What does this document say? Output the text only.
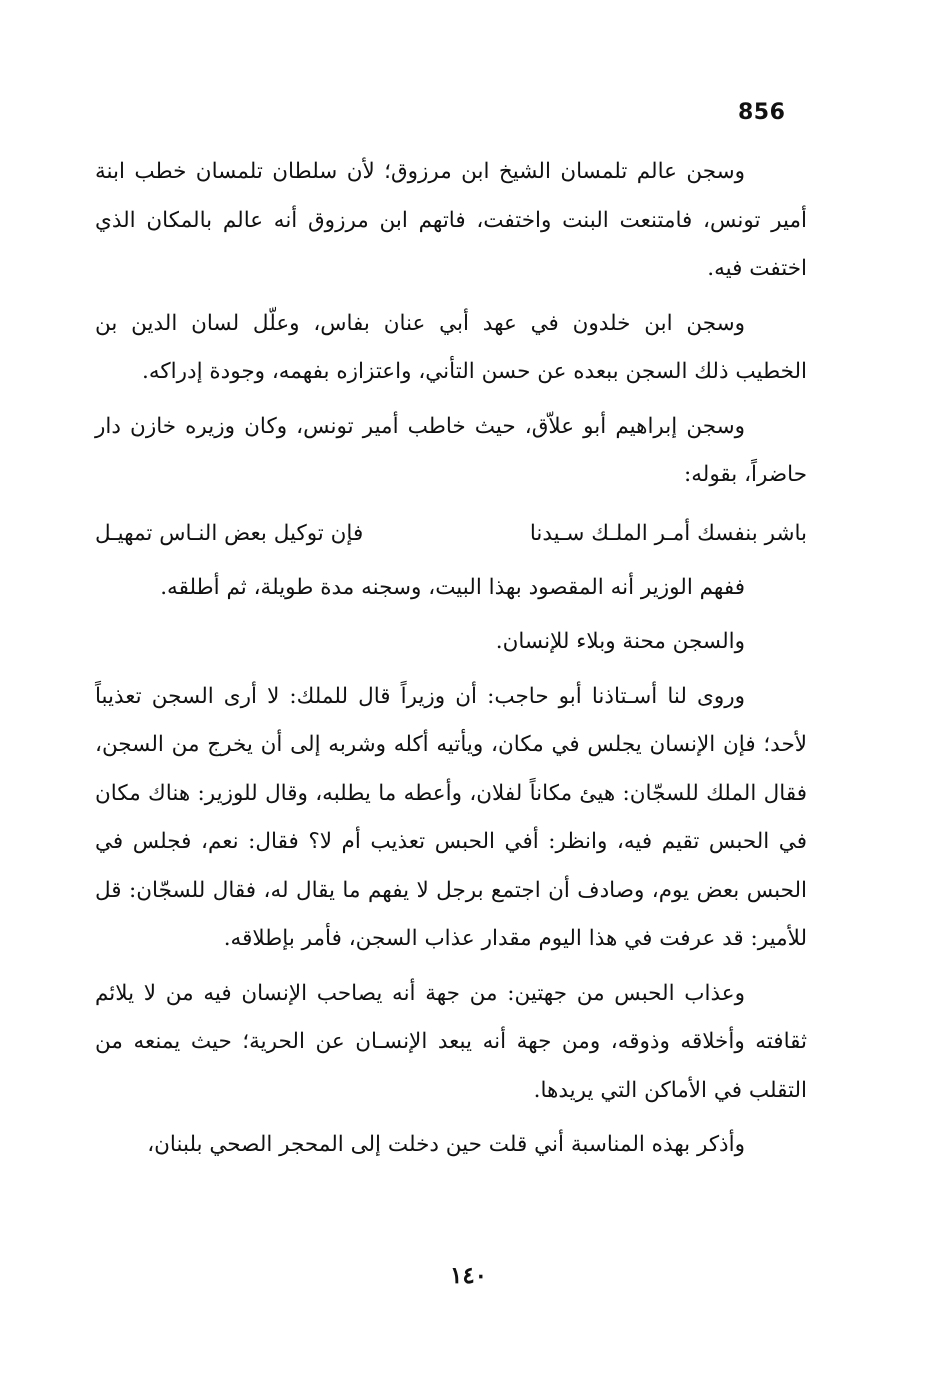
856

وسجن عالم تلمسان الشيخ ابن مرزوق؛ لأن سلطان تلمسان خطب ابنة أمير تونس، فامتنعت البنت واختفت، فاتهم ابن مرزوق أنه عالم بالمكان الذي اختفت فيه.

وسجن ابن خلدون في عهد أبي عنان بفاس، وعلّل لسان الدين بن الخطيب ذلك السجن ببعده عن حسن التأني، واعتزازه بفهمه، وجودة إدراكه.

وسجن إبراهيم أبو علاّق، حيث خاطب أمير تونس، وكان وزيره خازن دار حاضراً، بقوله:

باشر بنفسك أمـر الملـك سـيدنا
فإن توكيل بعض النـاس تمهيـل

ففهم الوزير أنه المقصود بهذا البيت، وسجنه مدة طويلة، ثم أطلقه.

والسجن محنة وبلاء للإنسان.

وروى لنا أسـتاذنا أبو حاجب: أن وزيراً قال للملك: لا أرى السجن تعذيباً لأحد؛ فإن الإنسان يجلس في مكان، ويأتيه أكله وشربه إلى أن يخرج من السجن، فقال الملك للسجّان: هيئ مكاناً لفلان، وأعطه ما يطلبه، وقال للوزير: هناك مكان في الحبس تقيم فيه، وانظر: أفي الحبس تعذيب أم لا؟ فقال: نعم، فجلس في الحبس بعض يوم، وصادف أن اجتمع برجل لا يفهم ما يقال له، فقال للسجّان: قل للأمير: قد عرفت في هذا اليوم مقدار عذاب السجن، فأمر بإطلاقه.

وعذاب الحبس من جهتين: من جهة أنه يصاحب الإنسان فيه من لا يلائم ثقافته وأخلاقه وذوقه، ومن جهة أنه يبعد الإنسـان عن الحرية؛ حيث يمنعه من التقلب في الأماكن التي يريدها.

وأذكر بهذه المناسبة أني قلت حين دخلت إلى المحجر الصحي بلبنان،

١٤٠
